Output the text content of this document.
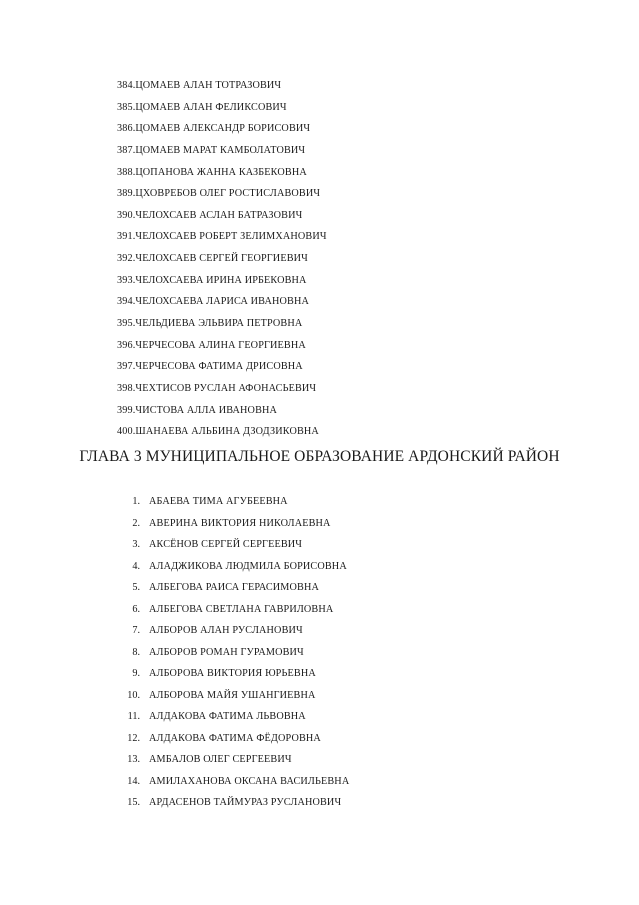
384.ЦОМАЕВ АЛАН ТОТРАЗОВИЧ
385.ЦОМАЕВ АЛАН ФЕЛИКСОВИЧ
386.ЦОМАЕВ АЛЕКСАНДР БОРИСОВИЧ
387.ЦОМАЕВ МАРАТ КАМБОЛАТОВИЧ
388.ЦОПАНОВА ЖАННА КАЗБЕКОВНА
389.ЦХОВРЕБОВ ОЛЕГ РОСТИСЛАВОВИЧ
390.ЧЕЛОХСАЕВ АСЛАН БАТРАЗОВИЧ
391.ЧЕЛОХСАЕВ РОБЕРТ ЗЕЛИМХАНОВИЧ
392.ЧЕЛОХСАЕВ СЕРГЕЙ ГЕОРГИЕВИЧ
393.ЧЕЛОХСАЕВА ИРИНА ИРБЕКОВНА
394.ЧЕЛОХСАЕВА ЛАРИСА ИВАНОВНА
395.ЧЕЛЬДИЕВА ЭЛЬВИРА ПЕТРОВНА
396.ЧЕРЧЕСОВА АЛИНА ГЕОРГИЕВНА
397.ЧЕРЧЕСОВА ФАТИМА ДРИСОВНА
398.ЧЕХТИСОВ РУСЛАН АФОНАСЬЕВИЧ
399.ЧИСТОВА АЛЛА ИВАНОВНА
400.ШАНАЕВА АЛЬБИНА ДЗОДЗИКОВНА
ГЛАВА 3 МУНИЦИПАЛЬНОЕ ОБРАЗОВАНИЕ АРДОНСКИЙ РАЙОН
1. АБАЕВА ТИМА АГУБЕЕВНА
2. АВЕРИНА ВИКТОРИЯ НИКОЛАЕВНА
3. АКСЁНОВ СЕРГЕЙ СЕРГЕЕВИЧ
4. АЛАДЖИКОВА ЛЮДМИЛА БОРИСОВНА
5. АЛБЕГОВА РАИСА ГЕРАСИМОВНА
6. АЛБЕГОВА СВЕТЛАНА ГАВРИЛОВНА
7. АЛБОРОВ АЛАН РУСЛАНОВИЧ
8. АЛБОРОВ РОМАН ГУРАМОВИЧ
9. АЛБОРОВА ВИКТОРИЯ ЮРЬЕВНА
10. АЛБОРОВА МАЙЯ УШАНГИЕВНА
11. АЛДАКОВА ФАТИМА ЛЬВОВНА
12. АЛДАКОВА ФАТИМА ФЁДОРОВНА
13. АМБАЛОВ ОЛЕГ СЕРГЕЕВИЧ
14. АМИЛАХАНОВА ОКСАНА ВАСИЛЬЕВНА
15. АРДАСЕНОВ ТАЙМУРАЗ РУСЛАНОВИЧ
